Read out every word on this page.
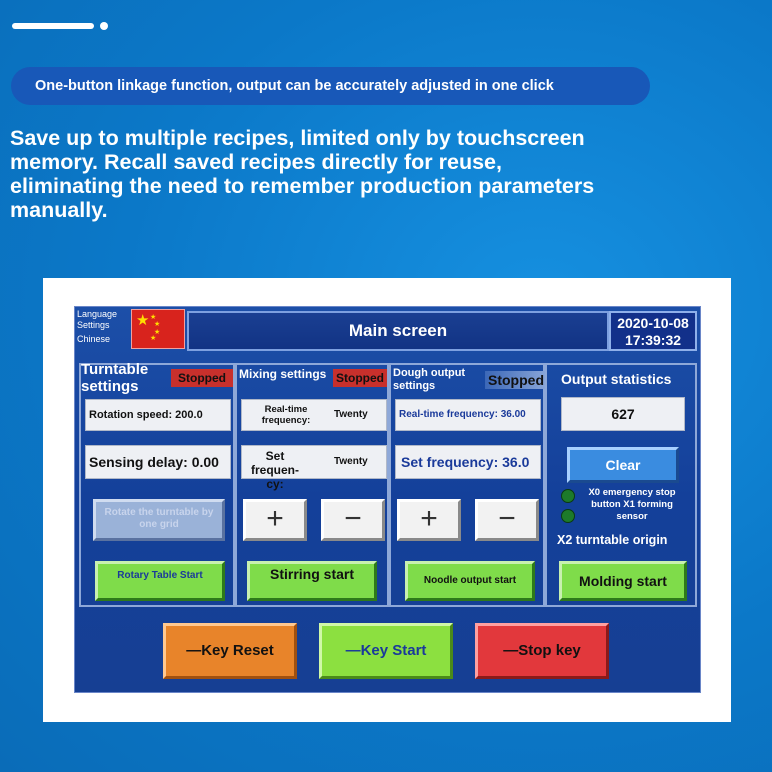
One-button linkage function, output can be accurately adjusted in one click

Save up to multiple recipes, limited only by touchscreen memory. Recall saved recipes directly for reuse, eliminating the need to remember production parameters manually.

Language Settings
Chinese
★ ★
★
★
★	Main screen	2020-10-08
17:39:32
Turntable settings	Stopped
Rotation speed: 200.0
Sensing delay: 0.00
Rotate the turntable by one grid
Rotary Table Start
Mixing settings Stopped
Real-time frequency:
Twenty
Set frequen-cy:
Twenty
+	−
Stirring start
Dough output settings	Stopped
Real-time frequency: 36.00
Set frequency: 36.0
+	−
Noodle output start
Output statistics
627
Clear
X0 emergency stop button X1 forming sensor
X2 turntable origin
Molding start
—Key Reset	—Key Start	—Stop key
